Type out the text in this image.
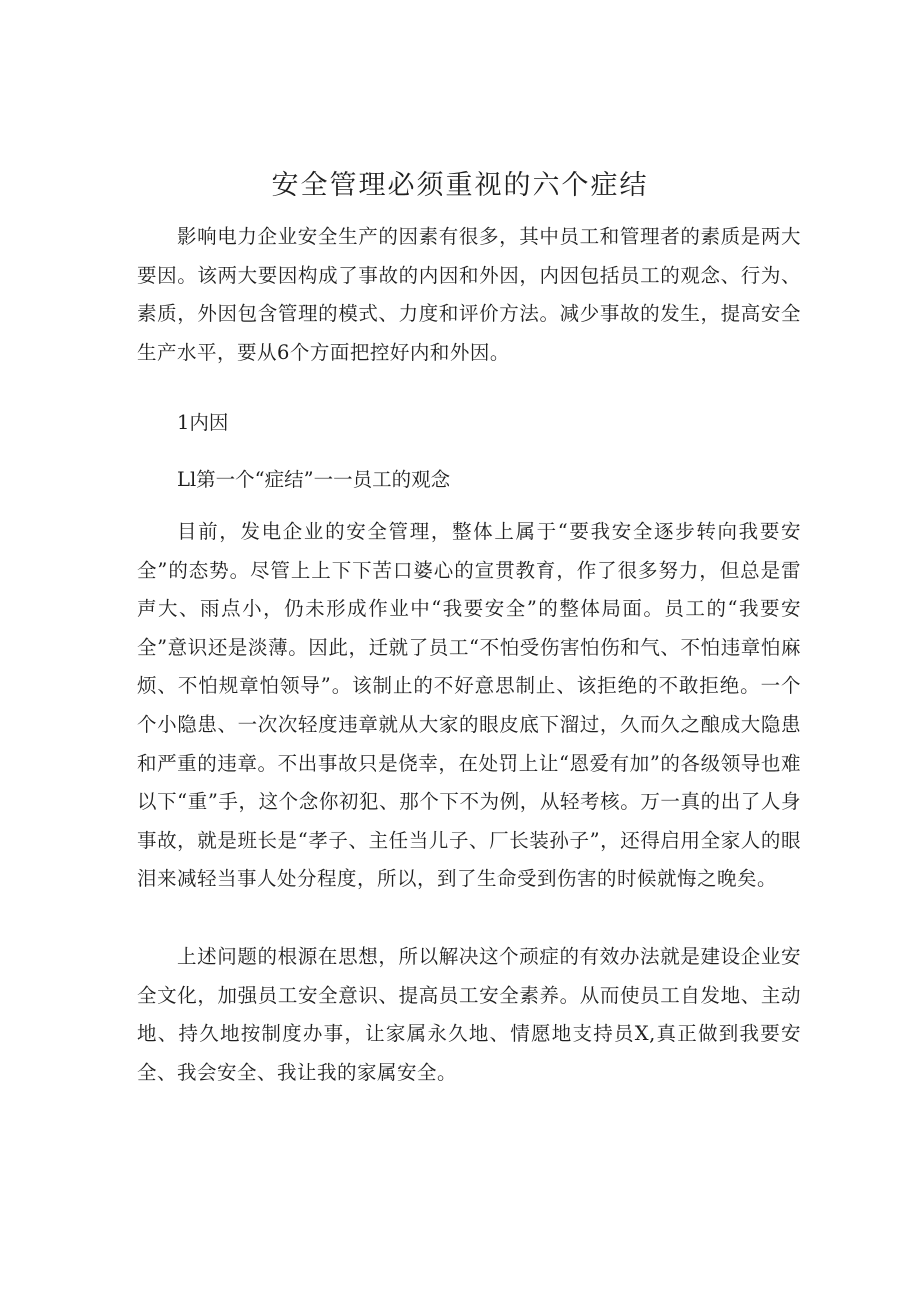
安全管理必须重视的六个症结

影响电力企业安全生产的因素有很多，其中员工和管理者的素质是两大要因。该两大要因构成了事故的内因和外因，内因包括员工的观念、行为、素质，外因包含管理的模式、力度和评价方法。减少事故的发生，提高安全生产水平，要从6个方面把控好内和外因。

1内因

Ll第一个“症结”一一员工的观念

目前，发电企业的安全管理，整体上属于“要我安全逐步转向我要安全”的态势。尽管上上下下苦口婆心的宣贯教育，作了很多努力，但总是雷声大、雨点小，仍未形成作业中“我要安全”的整体局面。员工的“我要安全”意识还是淡薄。因此，迁就了员工“不怕受伤害怕伤和气、不怕违章怕麻烦、不怕规章怕领导”。该制止的不好意思制止、该拒绝的不敢拒绝。一个个小隐患、一次次轻度违章就从大家的眼皮底下溜过，久而久之酿成大隐患和严重的违章。不出事故只是侥幸，在处罚上让“恩爱有加”的各级领导也难以下“重”手，这个念你初犯、那个下不为例，从轻考核。万一真的出了人身事故，就是班长是“孝子、主任当儿子、厂长装孙子”，还得启用全家人的眼泪来减轻当事人处分程度，所以，到了生命受到伤害的时候就悔之晚矣。

上述问题的根源在思想，所以解决这个顽症的有效办法就是建设企业安全文化，加强员工安全意识、提高员工安全素养。从而使员工自发地、主动地、持久地按制度办事，让家属永久地、情愿地支持员X,真正做到我要安全、我会安全、我让我的家属安全。
